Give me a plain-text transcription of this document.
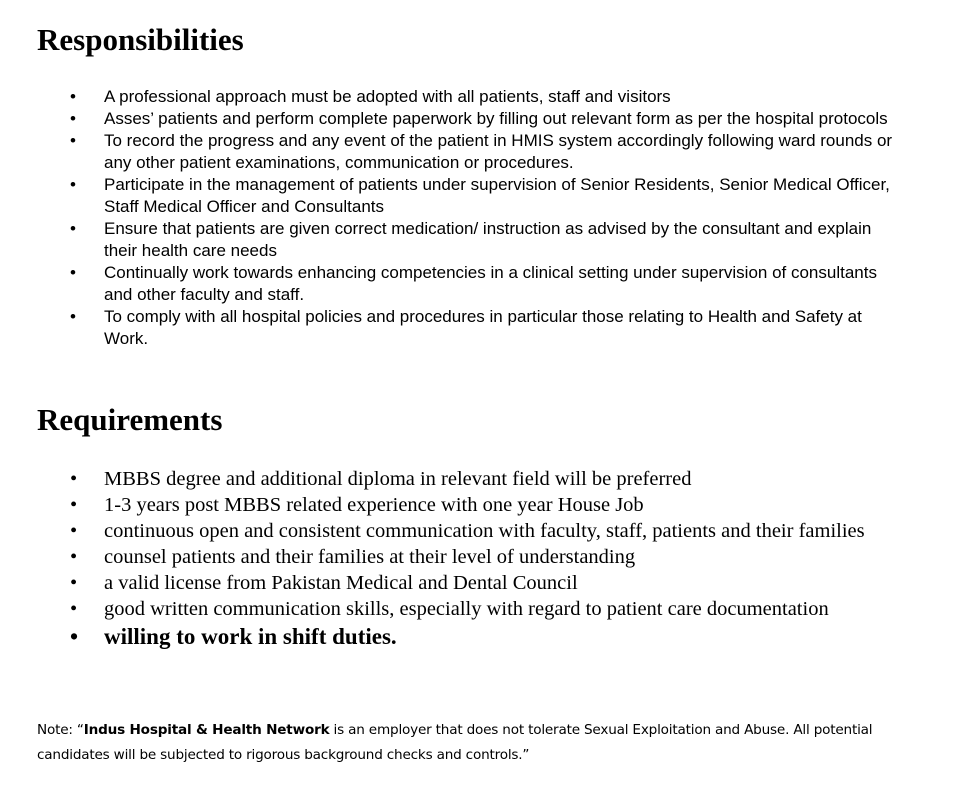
Responsibilities
• A professional approach must be adopted with all patients, staff and visitors
• Asses’ patients and perform complete paperwork by filling out relevant form as per the hospital protocols
• To record the progress and any event of the patient in HMIS system accordingly following ward rounds or any other patient examinations, communication or procedures.
• Participate in the management of patients under supervision of Senior Residents, Senior Medical Officer, Staff Medical Officer and Consultants
• Ensure that patients are given correct medication/ instruction as advised by the consultant and explain their health care needs
• Continually work towards enhancing competencies in a clinical setting under supervision of consultants and other faculty and staff.
• To comply with all hospital policies and procedures in particular those relating to Health and Safety at Work.
Requirements
• MBBS degree and additional diploma in relevant field will be preferred
• 1-3 years post MBBS related experience with one year House Job
• continuous open and consistent communication with faculty, staff, patients and their families
• counsel patients and their families at their level of understanding
• a valid license from Pakistan Medical and Dental Council
• good written communication skills, especially with regard to patient care documentation
• willing to work in shift duties.

Note: “Indus Hospital & Health Network is an employer that does not tolerate Sexual Exploitation and Abuse. All potential candidates will be subjected to rigorous background checks and controls.”
